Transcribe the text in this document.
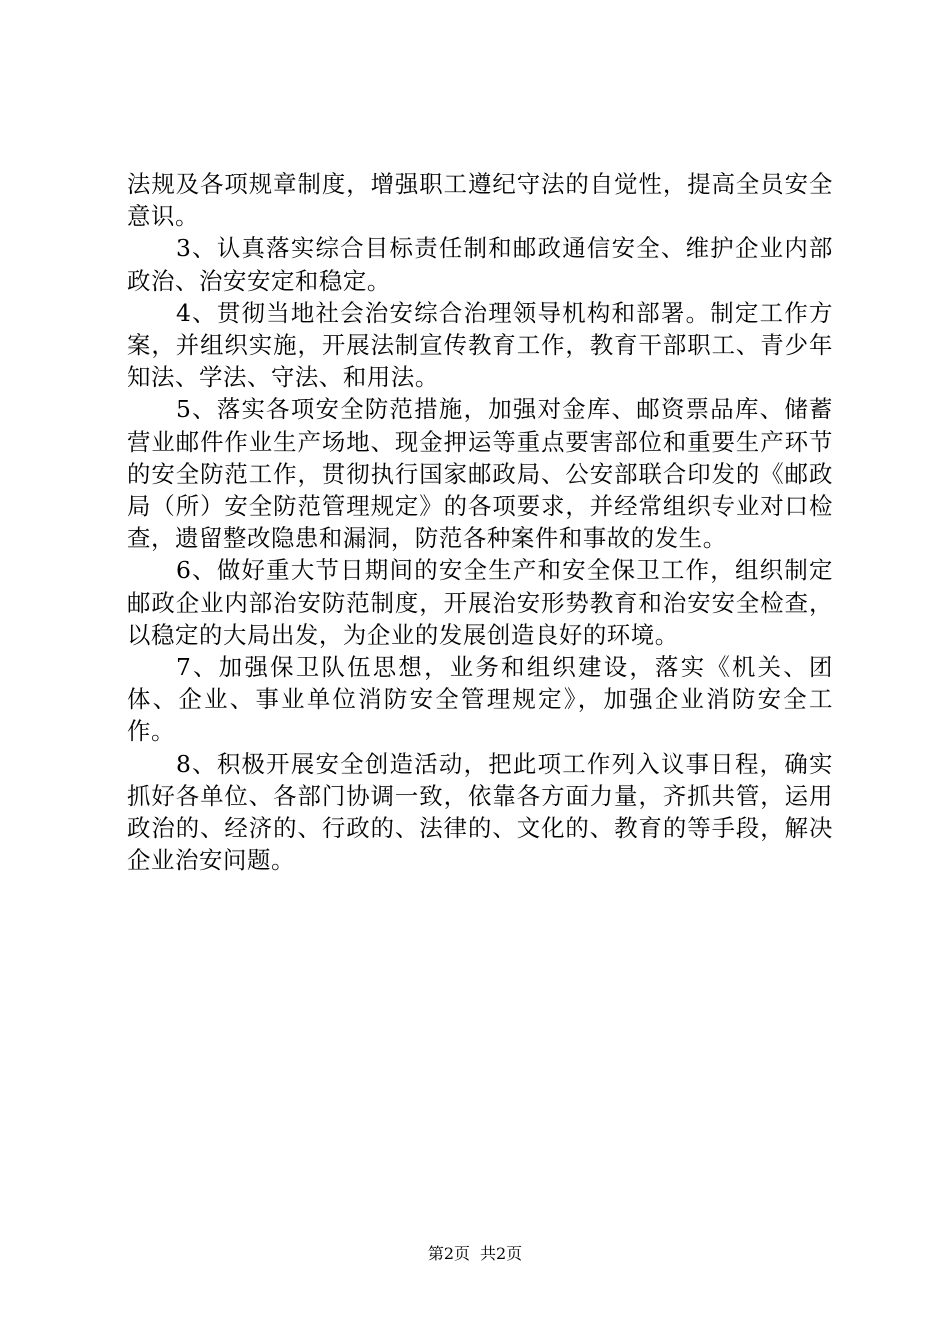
法规及各项规章制度，增强职工遵纪守法的自觉性，提高全员安全意识。

3、认真落实综合目标责任制和邮政通信安全、维护企业内部政治、治安安定和稳定。

4、贯彻当地社会治安综合治理领导机构和部署。制定工作方案，并组织实施，开展法制宣传教育工作，教育干部职工、青少年知法、学法、守法、和用法。

5、落实各项安全防范措施，加强对金库、邮资票品库、储蓄营业邮件作业生产场地、现金押运等重点要害部位和重要生产环节的安全防范工作，贯彻执行国家邮政局、公安部联合印发的《邮政局（所）安全防范管理规定》的各项要求，并经常组织专业对口检查，遗留整改隐患和漏洞，防范各种案件和事故的发生。

6、做好重大节日期间的安全生产和安全保卫工作，组织制定邮政企业内部治安防范制度，开展治安形势教育和治安安全检查，以稳定的大局出发，为企业的发展创造良好的环境。

7、加强保卫队伍思想，业务和组织建设，落实《机关、团体、企业、事业单位消防安全管理规定》，加强企业消防安全工作。

8、积极开展安全创造活动，把此项工作列入议事日程，确实抓好各单位、各部门协调一致，依靠各方面力量，齐抓共管，运用政治的、经济的、行政的、法律的、文化的、教育的等手段，解决企业治安问题。

第2页 共2页
